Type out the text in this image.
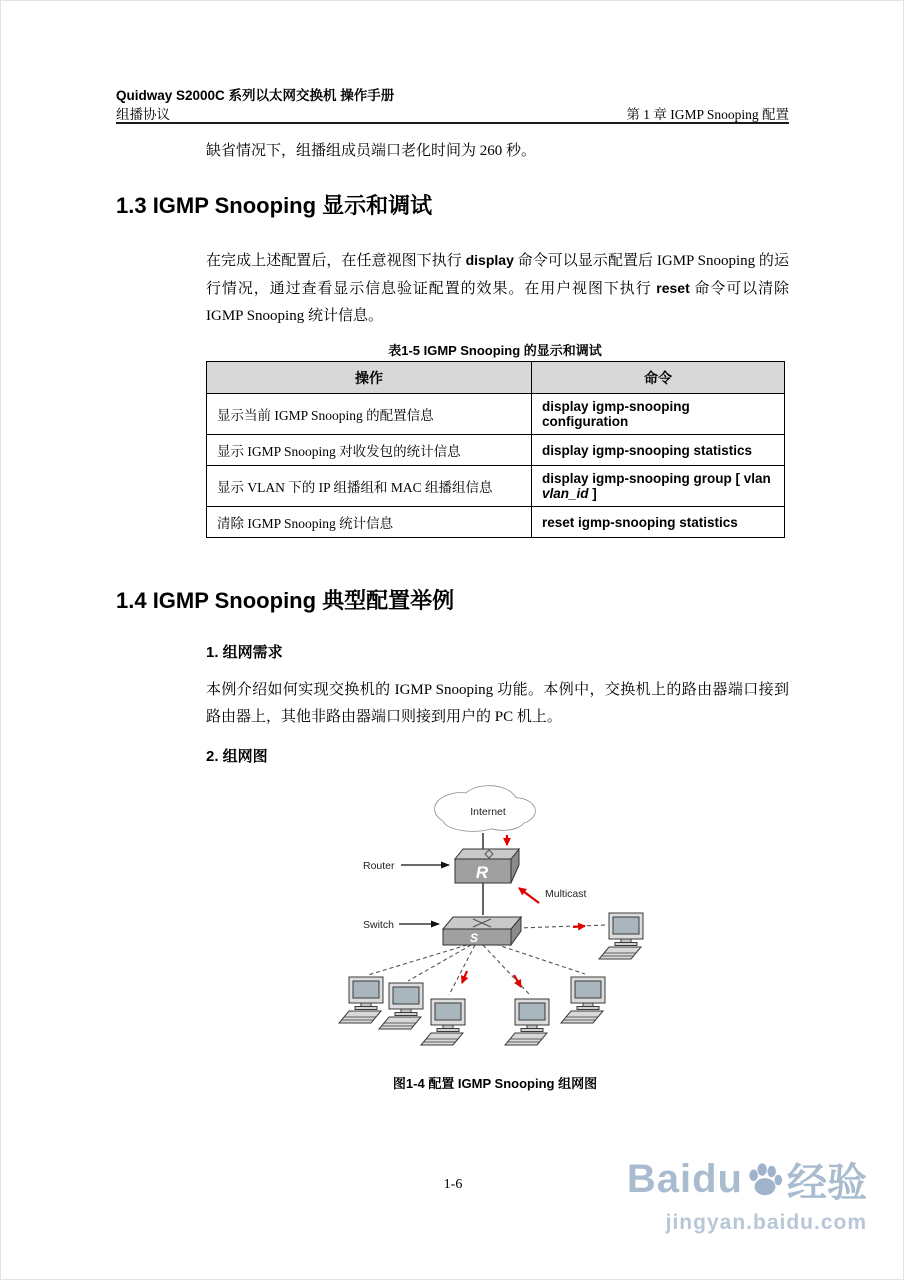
Quidway S2000C 系列以太网交换机 操作手册
组播协议	第 1 章 IGMP Snooping 配置
缺省情况下，组播组成员端口老化时间为 260 秒。
1.3 IGMP Snooping 显示和调试
在完成上述配置后，在任意视图下执行 display 命令可以显示配置后 IGMP Snooping 的运行情况，通过查看显示信息验证配置的效果。在用户视图下执行 reset 命令可以清除 IGMP Snooping 统计信息。
表1-5 IGMP Snooping 的显示和调试
操作	命令
显示当前 IGMP Snooping 的配置信息	display igmp-snooping configuration
显示 IGMP Snooping 对收发包的统计信息	display igmp-snooping statistics
显示 VLAN 下的 IP 组播组和 MAC 组播组信息	display igmp-snooping group [ vlan vlan_id ]
清除 IGMP Snooping 统计信息	reset igmp-snooping statistics
1.4 IGMP Snooping 典型配置举例
1. 组网需求
本例介绍如何实现交换机的 IGMP Snooping 功能。本例中，交换机上的路由器端口接到路由器上，其他非路由器端口则接到用户的 PC 机上。
2. 组网图
Internet
R
S
Router
Switch
Multicast
图1-4 配置 IGMP Snooping 组网图
1-6	Baidu 经验
jingyan.baidu.com
